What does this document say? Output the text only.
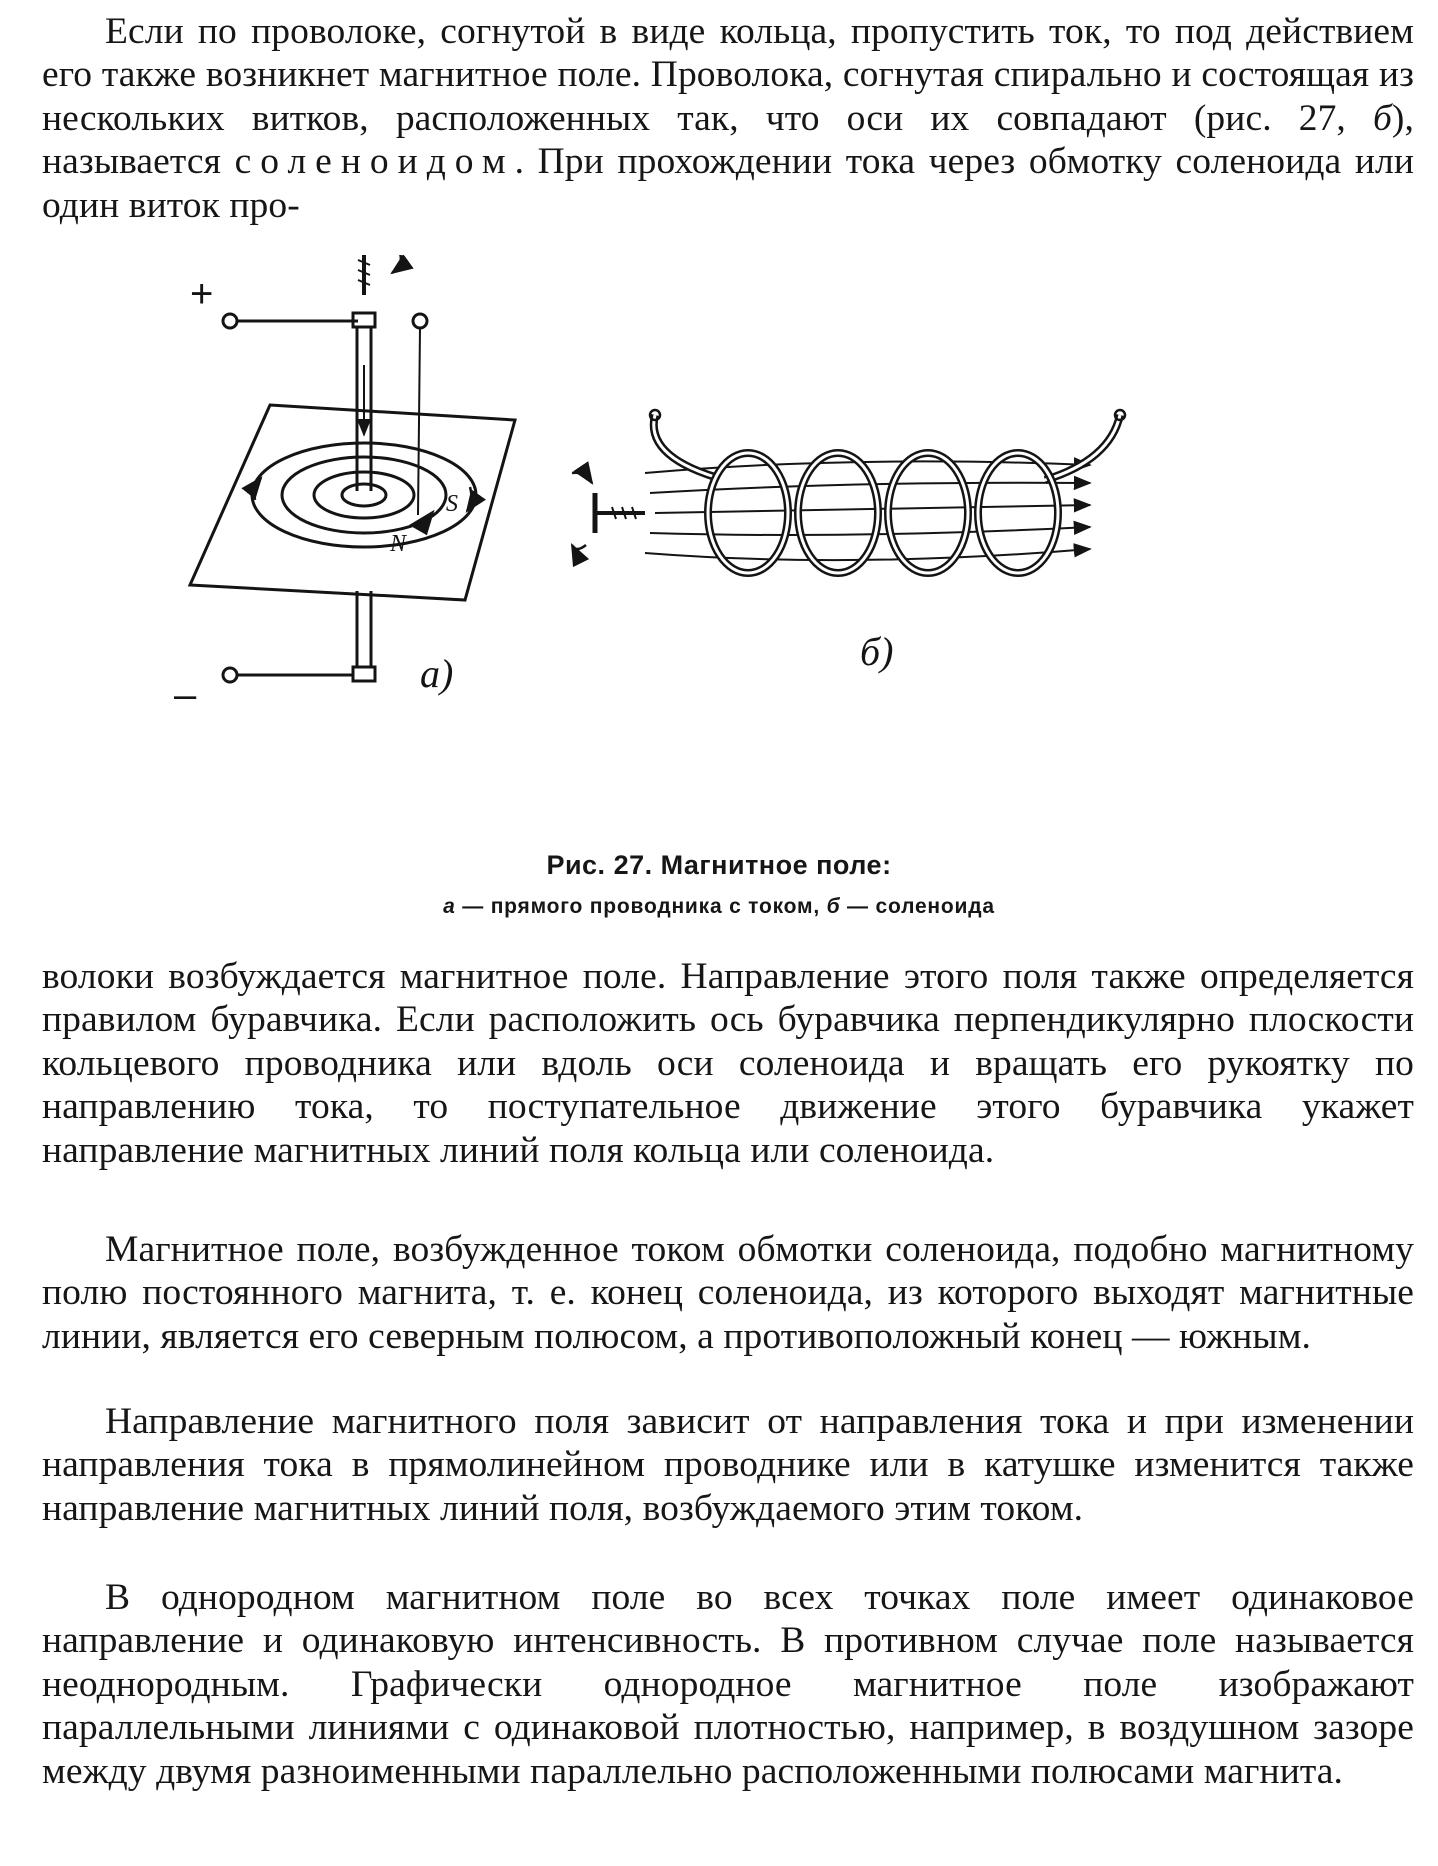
Если по проволоке, согнутой в виде кольца, пропустить ток, то под действием его также возникнет магнитное поле. Проволока, согнутая спирально и состоящая из нескольких витков, расположенных так, что оси их совпадают (рис. 27, б), называется соленоидом. При прохождении тока через обмотку соленоида или один виток про-

+
–
N
S
a)	б)

Рис. 27. Магнитное поле:

а — прямого проводника с током, б — соленоида

волоки возбуждается магнитное поле. Направление этого поля также определяется правилом буравчика. Если расположить ось буравчика перпендикулярно плоскости кольцевого проводника или вдоль оси соленоида и вращать его рукоятку по направлению тока, то поступательное движение этого буравчика укажет направление магнитных линий поля кольца или соленоида.

Магнитное поле, возбужденное током обмотки соленоида, подобно магнитному полю постоянного магнита, т. е. конец соленоида, из которого выходят магнитные линии, является его северным полюсом, а противоположный конец — южным.

Направление магнитного поля зависит от направления тока и при изменении направления тока в прямолинейном проводнике или в катушке изменится также направление магнитных линий поля, возбуждаемого этим током.

В однородном магнитном поле во всех точках поле имеет одинаковое направление и одинаковую интенсивность. В противном случае поле называется неоднородным. Графически однородное магнитное поле изображают параллельными линиями с одинаковой плотностью, например, в воздушном зазоре между двумя разноименными параллельно расположенными полюсами магнита.
